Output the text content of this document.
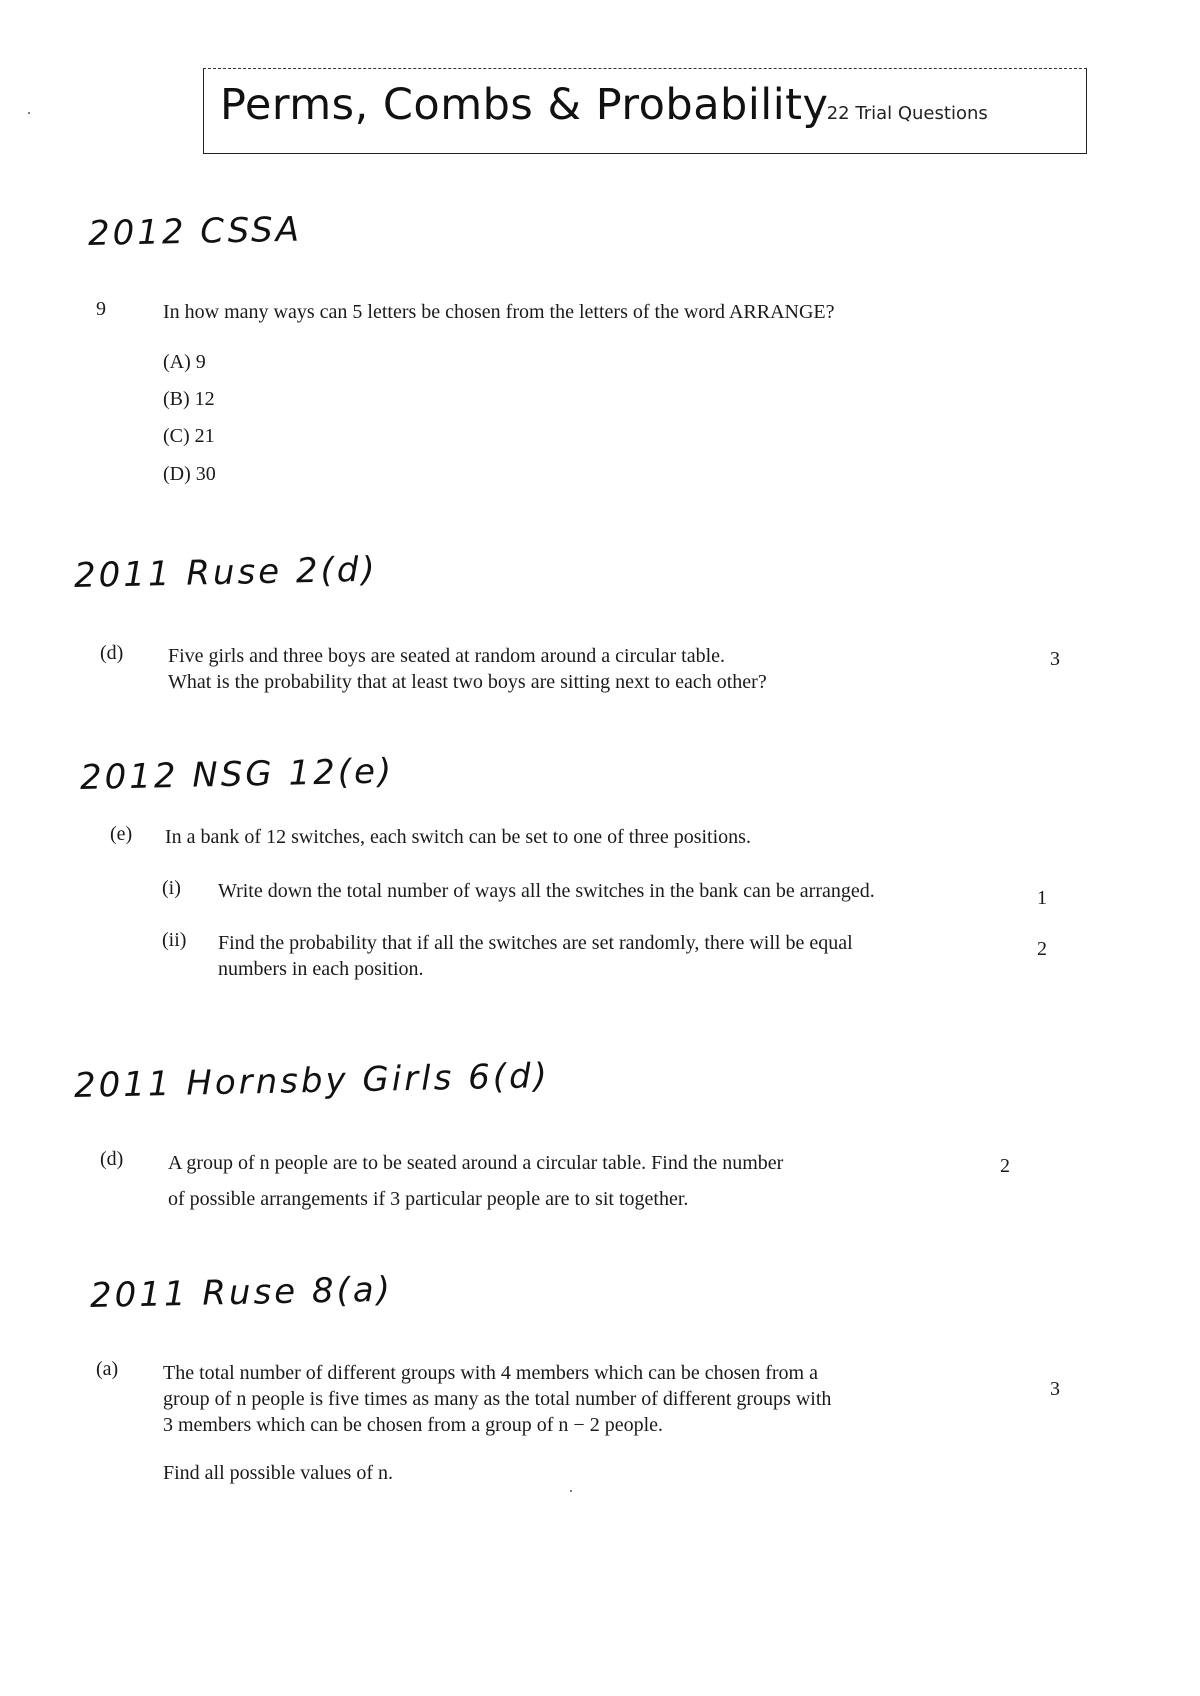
Perms, Combs & Probability
– 22 Trial Questions
2012 CSSA
9	In how many ways can 5 letters be chosen from the letters of the word ARRANGE?
(A) 9
(B) 12
(C) 21
(D) 30
2011 Ruse 2(d)
(d) Five girls and three boys are seated at random around a circular table.
What is the probability that at least two boys are sitting next to each other?
3
2012 NSG 12(e)
(e) In a bank of 12 switches, each switch can be set to one of three positions.
(i) Write down the total number of ways all the switches in the bank can be arranged.	1
(ii) Find the probability that if all the switches are set randomly, there will be equal
numbers in each position.
2
2011 Hornsby Girls 6(d)
(d) A group of n people are to be seated around a circular table. Find the number
of possible arrangements if 3 particular people are to sit together.
2
2011 Ruse 8(a)
(a) The total number of different groups with 4 members which can be chosen from a
group of n people is five times as many as the total number of different groups with
3 members which can be chosen from a group of n − 2 people.
Find all possible values of n.
3
